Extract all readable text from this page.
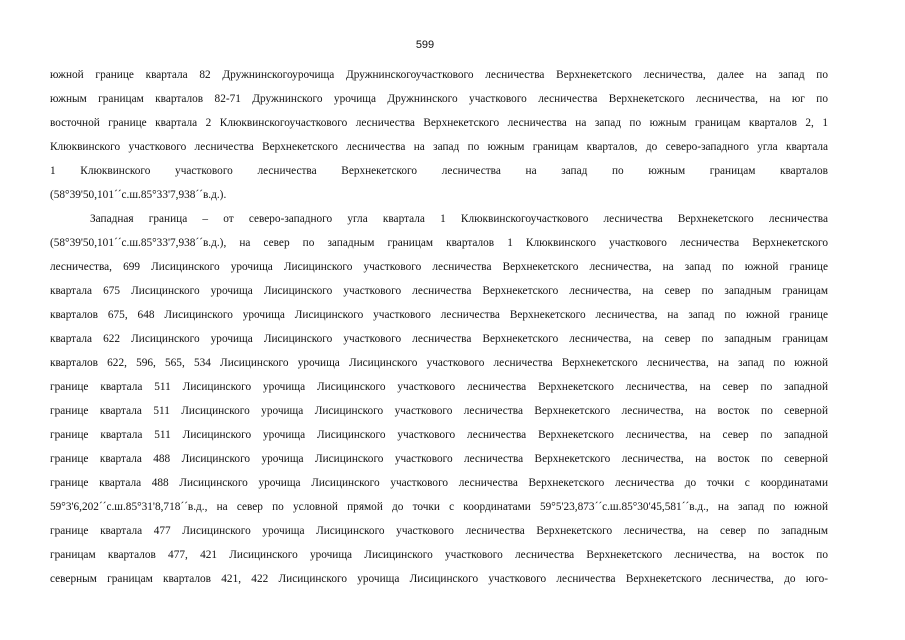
599
южной границе квартала 82 Дружнинскогоурочища Дружнинскогоучасткового лесничества Верхнекетского лесничества, далее на запад по
южным границам кварталов 82-71 Дружнинского урочища Дружнинского участкового лесничества Верхнекетского лесничества, на юг по
восточной границе квартала 2 Клюквинскогоучасткового лесничества Верхнекетского лесничества на запад по южным границам кварталов 2, 1
Клюквинского участкового лесничества Верхнекетского лесничества на запад по южным границам кварталов, до северо-западного угла квартала
1 Клюквинского участкового лесничества Верхнекетского лесничества на запад по южным границам кварталов
(58°39'50,101´´с.ш.85°33'7,938´´в.д.).
Западная граница – от северо-западного угла квартала 1 Клюквинскогоучасткового лесничества Верхнекетского лесничества
(58°39'50,101´´с.ш.85°33'7,938´´в.д.), на север по западным границам кварталов 1 Клюквинского участкового лесничества Верхнекетского
лесничества, 699 Лисицинского урочища Лисицинского участкового лесничества Верхнекетского лесничества, на запад по южной границе
квартала 675 Лисицинского урочища Лисицинского участкового лесничества Верхнекетского лесничества, на север по западным границам
кварталов 675, 648 Лисицинского урочища Лисицинского участкового лесничества Верхнекетского лесничества, на запад по южной границе
квартала 622 Лисицинского урочища Лисицинского участкового лесничества Верхнекетского лесничества, на север по западным границам
кварталов 622, 596, 565, 534 Лисицинского урочища Лисицинского участкового лесничества Верхнекетского лесничества, на запад по южной
границе квартала 511 Лисицинского урочища Лисицинского участкового лесничества Верхнекетского лесничества, на север по западной
границе квартала 511 Лисицинского урочища Лисицинского участкового лесничества Верхнекетского лесничества, на восток по северной
границе квартала 511 Лисицинского урочища Лисицинского участкового лесничества Верхнекетского лесничества, на север по западной
границе квартала 488 Лисицинского урочища Лисицинского участкового лесничества Верхнекетского лесничества, на восток по северной
границе квартала 488 Лисицинского урочища Лисицинского участкового лесничества Верхнекетского лесничества до точки с координатами
59°3'6,202´´с.ш.85°31'8,718´´в.д., на север по условной прямой до точки с координатами 59°5'23,873´´с.ш.85°30'45,581´´в.д., на запад по южной
границе квартала 477 Лисицинского урочища Лисицинского участкового лесничества Верхнекетского лесничества, на север по западным
границам кварталов 477, 421 Лисицинского урочища Лисицинского участкового лесничества Верхнекетского лесничества, на восток по
северным границам кварталов 421, 422 Лисицинского урочища Лисицинского участкового лесничества Верхнекетского лесничества, до юго-
